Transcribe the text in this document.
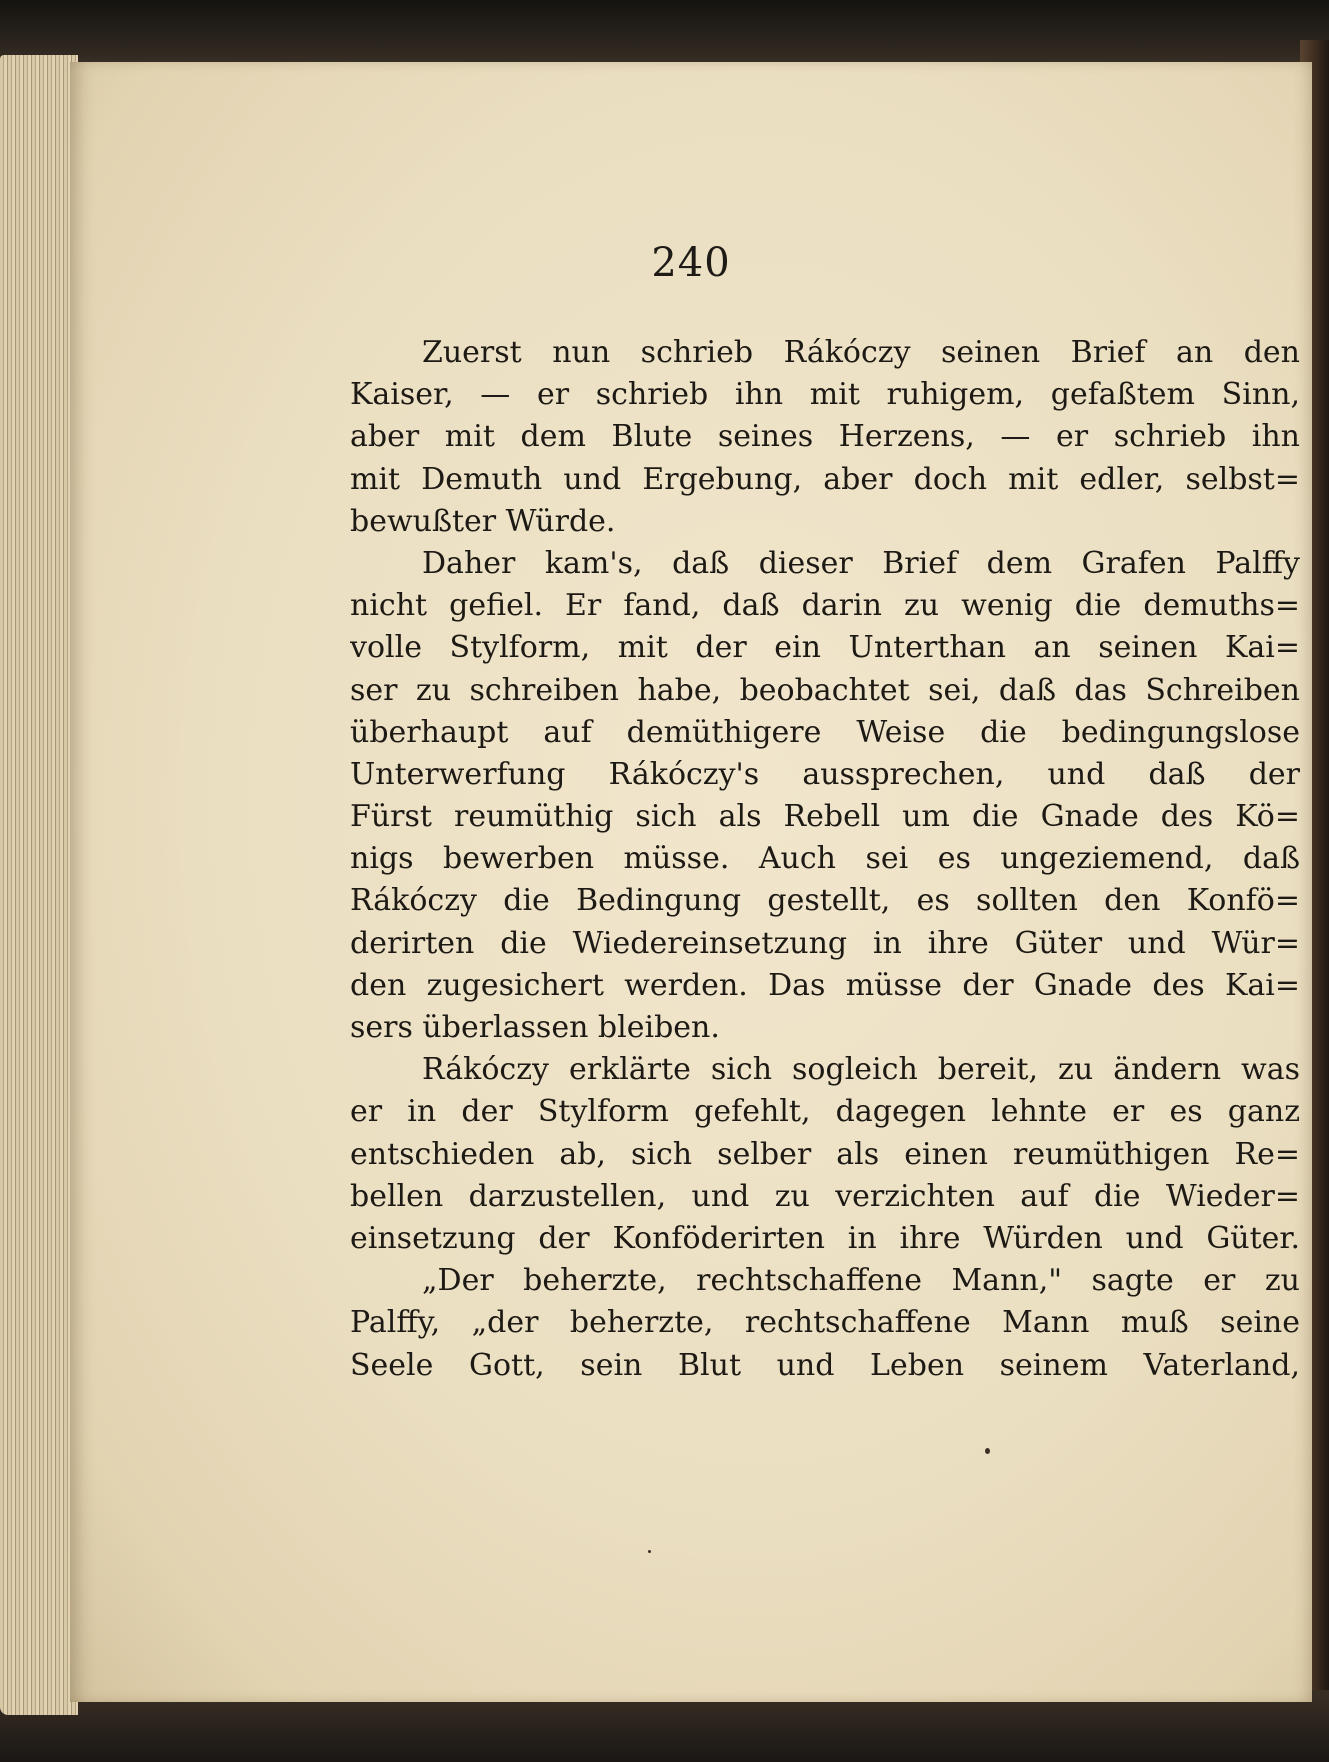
240
Zuerst nun schrieb Rákóczy seinen Brief an den
Kaiser, — er schrieb ihn mit ruhigem, gefaßtem Sinn,
aber mit dem Blute seines Herzens, — er schrieb ihn
mit Demuth und Ergebung, aber doch mit edler, selbst=
bewußter Würde.
Daher kam's, daß dieser Brief dem Grafen Palffy
nicht gefiel. Er fand, daß darin zu wenig die demuths=
volle Stylform, mit der ein Unterthan an seinen Kai=
ser zu schreiben habe, beobachtet sei, daß das Schreiben
überhaupt auf demüthigere Weise die bedingungslose
Unterwerfung Rákóczy's aussprechen, und daß der
Fürst reumüthig sich als Rebell um die Gnade des Kö=
nigs bewerben müsse. Auch sei es ungeziemend, daß
Rákóczy die Bedingung gestellt, es sollten den Konfö=
derirten die Wiedereinsetzung in ihre Güter und Wür=
den zugesichert werden. Das müsse der Gnade des Kai=
sers überlassen bleiben.
Rákóczy erklärte sich sogleich bereit, zu ändern was
er in der Stylform gefehlt, dagegen lehnte er es ganz
entschieden ab, sich selber als einen reumüthigen Re=
bellen darzustellen, und zu verzichten auf die Wieder=
einsetzung der Konföderirten in ihre Würden und Güter.
„Der beherzte, rechtschaffene Mann," sagte er zu
Palffy, „der beherzte, rechtschaffene Mann muß seine
Seele Gott, sein Blut und Leben seinem Vaterland,
